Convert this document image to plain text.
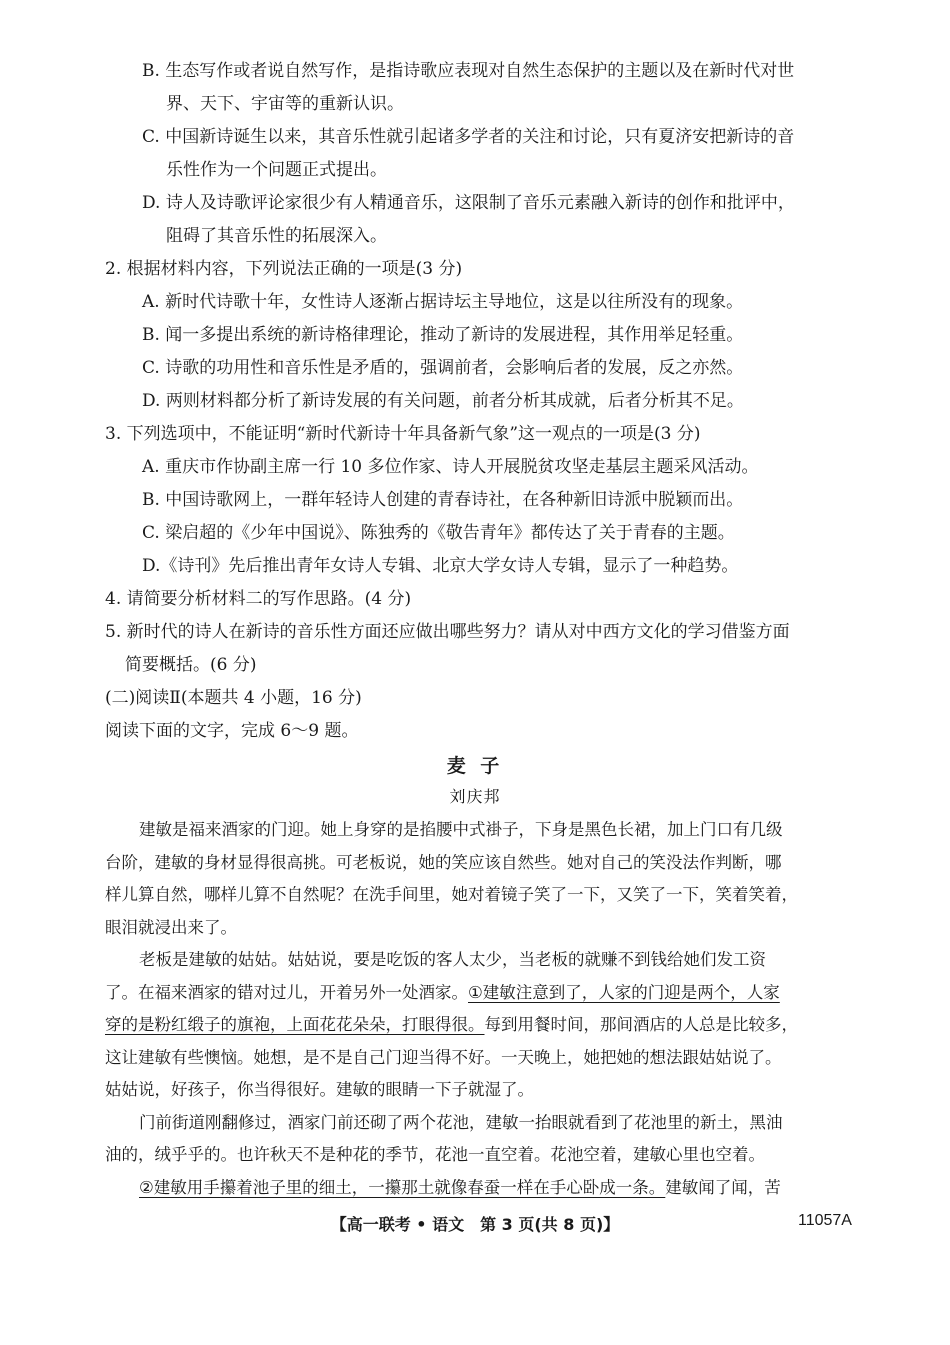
B. 生态写作或者说自然写作，是指诗歌应表现对自然生态保护的主题以及在新时代对世
界、天下、宇宙等的重新认识。
C. 中国新诗诞生以来，其音乐性就引起诸多学者的关注和讨论，只有夏济安把新诗的音
乐性作为一个问题正式提出。
D. 诗人及诗歌评论家很少有人精通音乐，这限制了音乐元素融入新诗的创作和批评中，
阻碍了其音乐性的拓展深入。
2. 根据材料内容，下列说法正确的一项是(3 分)
A. 新时代诗歌十年，女性诗人逐渐占据诗坛主导地位，这是以往所没有的现象。
B. 闻一多提出系统的新诗格律理论，推动了新诗的发展进程，其作用举足轻重。
C. 诗歌的功用性和音乐性是矛盾的，强调前者，会影响后者的发展，反之亦然。
D. 两则材料都分析了新诗发展的有关问题，前者分析其成就，后者分析其不足。
3. 下列选项中，不能证明“新时代新诗十年具备新气象”这一观点的一项是(3 分)
A. 重庆市作协副主席一行 10 多位作家、诗人开展脱贫攻坚走基层主题采风活动。
B. 中国诗歌网上，一群年轻诗人创建的青春诗社，在各种新旧诗派中脱颖而出。
C. 梁启超的《少年中国说》、陈独秀的《敬告青年》都传达了关于青春的主题。
D.《诗刊》先后推出青年女诗人专辑、北京大学女诗人专辑，显示了一种趋势。
4. 请简要分析材料二的写作思路。(4 分)
5. 新时代的诗人在新诗的音乐性方面还应做出哪些努力？请从对中西方文化的学习借鉴方面
简要概括。(6 分)
(二)阅读Ⅱ(本题共 4 小题，16 分)
阅读下面的文字，完成 6～9 题。
麦 子
刘庆邦
建敏是福来酒家的门迎。她上身穿的是掐腰中式褂子，下身是黑色长裙，加上门口有几级
台阶，建敏的身材显得很高挑。可老板说，她的笑应该自然些。她对自己的笑没法作判断，哪
样儿算自然，哪样儿算不自然呢？在洗手间里，她对着镜子笑了一下，又笑了一下，笑着笑着，
眼泪就浸出来了。
老板是建敏的姑姑。姑姑说，要是吃饭的客人太少，当老板的就赚不到钱给她们发工资
了。在福来酒家的错对过儿，开着另外一处酒家。①建敏注意到了，人家的门迎是两个，人家
穿的是粉红缎子的旗袍，上面花花朵朵，打眼得很。每到用餐时间，那间酒店的人总是比较多，
这让建敏有些懊恼。她想，是不是自己门迎当得不好。一天晚上，她把她的想法跟姑姑说了。
姑姑说，好孩子，你当得很好。建敏的眼睛一下子就湿了。
门前街道刚翻修过，酒家门前还砌了两个花池，建敏一抬眼就看到了花池里的新土，黑油
油的，绒乎乎的。也许秋天不是种花的季节，花池一直空着。花池空着，建敏心里也空着。
②建敏用手攥着池子里的细土，一攥那土就像春蚕一样在手心卧成一条。建敏闻了闻，苦
【高一联考 • 语文　第 3 页(共 8 页)】	11057A
